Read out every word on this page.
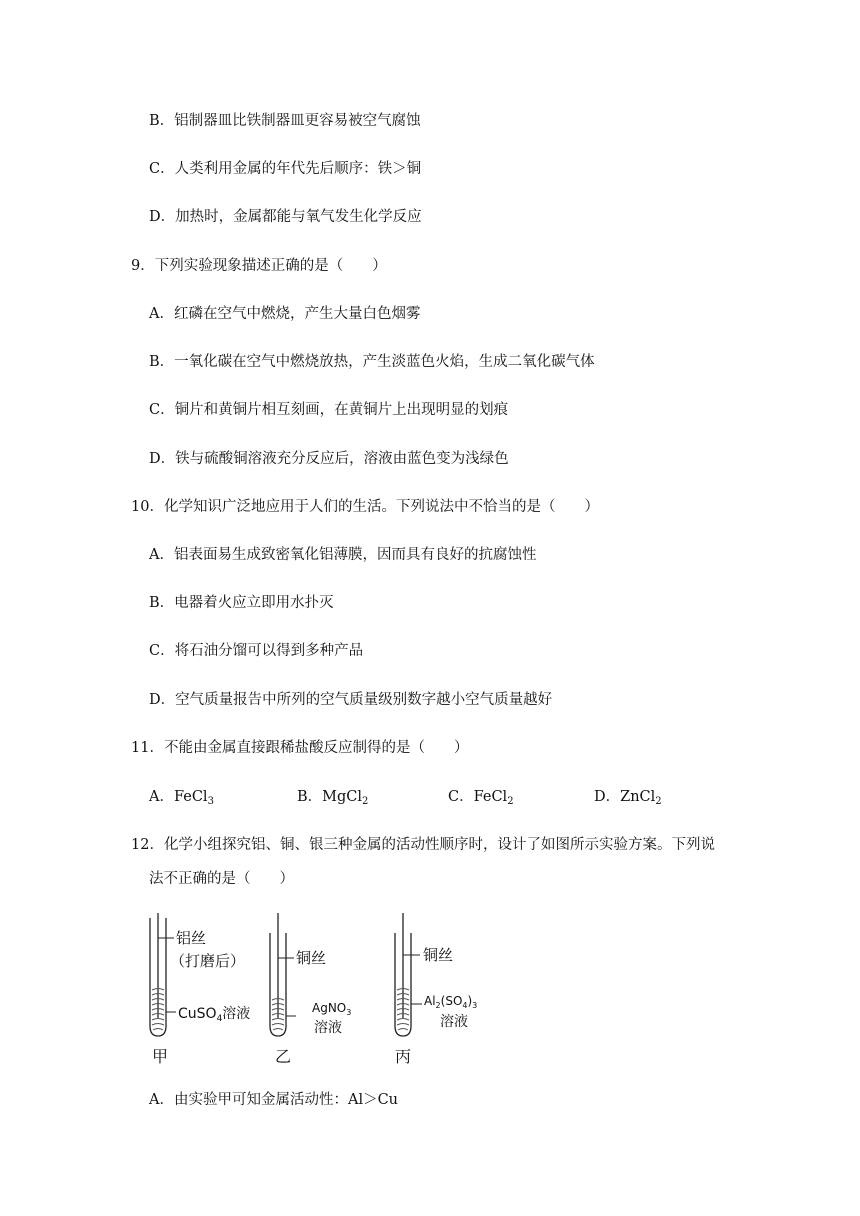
B．铝制器皿比铁制器皿更容易被空气腐蚀
C．人类利用金属的年代先后顺序：铁＞铜
D．加热时，金属都能与氧气发生化学反应
9．下列实验现象描述正确的是（　　）
A．红磷在空气中燃烧，产生大量白色烟雾
B．一氧化碳在空气中燃烧放热，产生淡蓝色火焰，生成二氧化碳气体
C．铜片和黄铜片相互刻画，在黄铜片上出现明显的划痕
D．铁与硫酸铜溶液充分反应后，溶液由蓝色变为浅绿色
10．化学知识广泛地应用于人们的生活。下列说法中不恰当的是（　　）
A．铝表面易生成致密氧化铝薄膜，因而具有良好的抗腐蚀性
B．电器着火应立即用水扑灭
C．将石油分馏可以得到多种产品
D．空气质量报告中所列的空气质量级别数字越小空气质量越好
11．不能由金属直接跟稀盐酸反应制得的是（　　）
A．FeCl$_3$	B．MgCl$_2$	C．FeCl$_2$	D．ZnCl$_2$
12．化学小组探究铝、铜、银三种金属的活动性顺序时，设计了如图所示实验方案。下列说
法不正确的是（　　）
铝丝
（打磨后）
CuSO$_4$溶液
甲
铜丝
AgNO$_3$
溶液
乙
铜丝
$Al_2(SO_4)_3$
溶液
丙
A．由实验甲可知金属活动性：Al＞Cu
